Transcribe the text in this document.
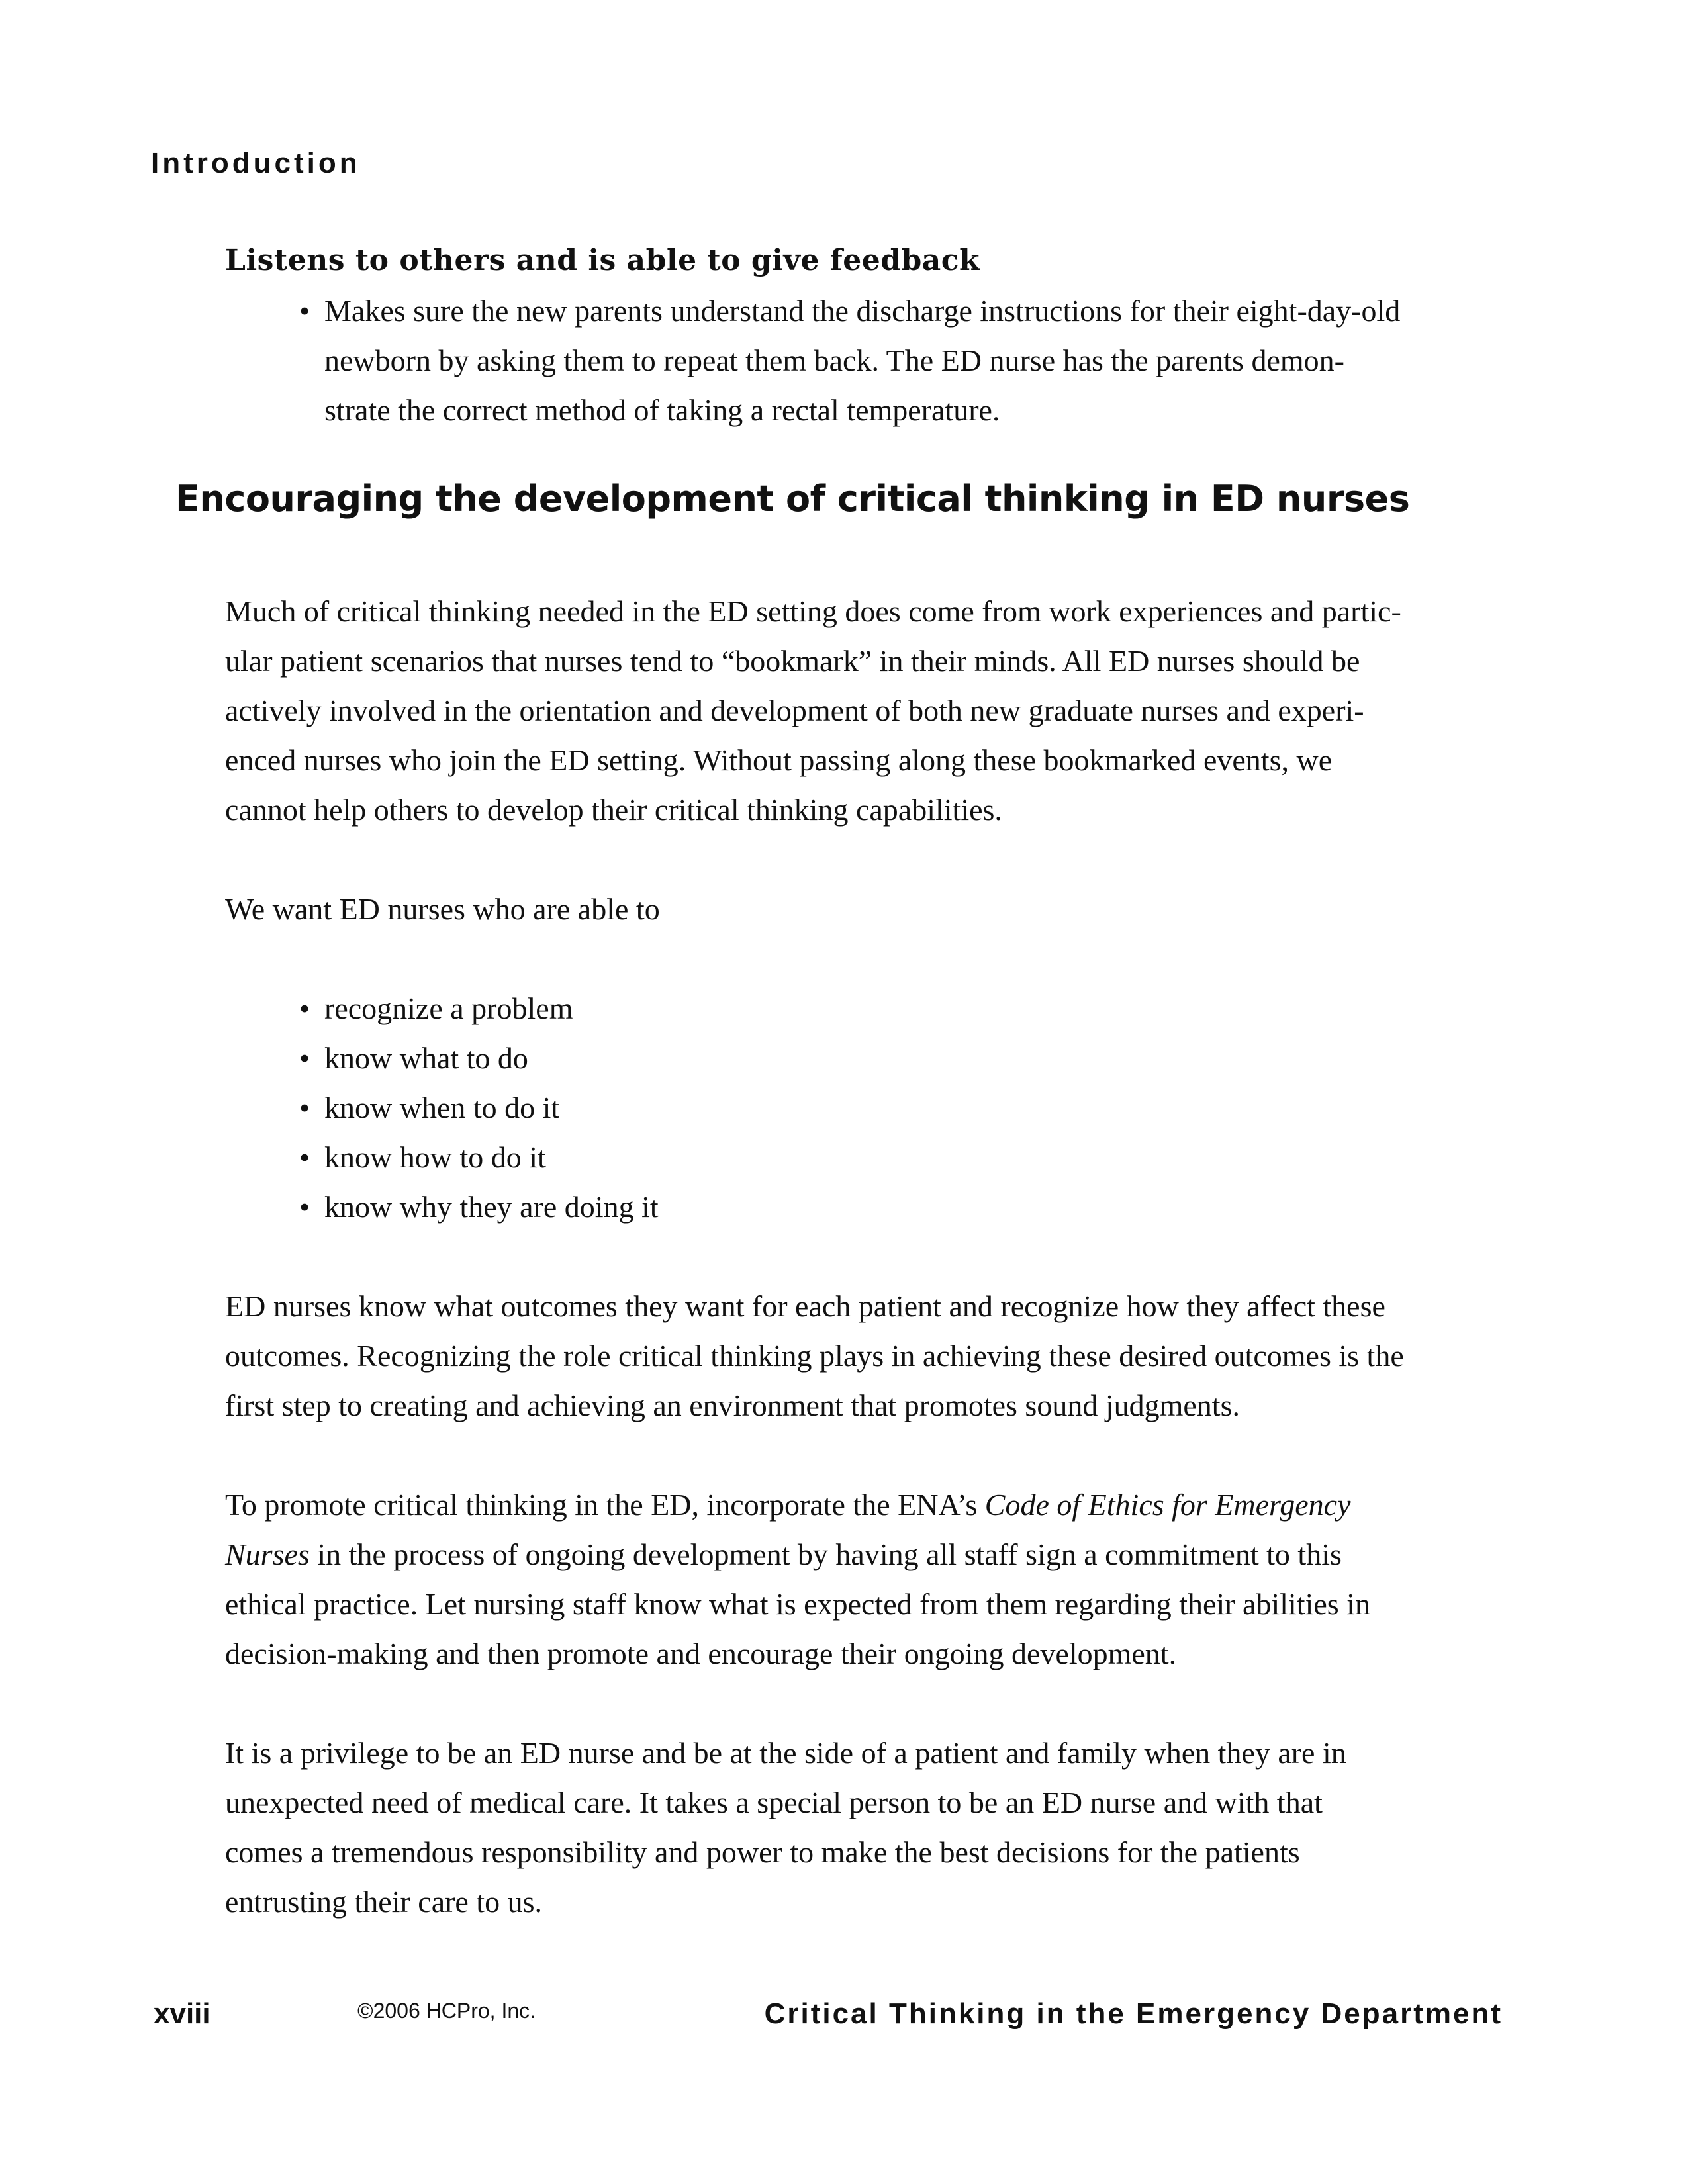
Introduction
Listens to others and is able to give feedback
• Makes sure the new parents understand the discharge instructions for their eight-day-old
newborn by asking them to repeat them back. The ED nurse has the parents demon-
strate the correct method of taking a rectal temperature.
Encouraging the development of critical thinking in ED nurses

Much of critical thinking needed in the ED setting does come from work experiences and partic-
ular patient scenarios that nurses tend to “bookmark” in their minds. All ED nurses should be
actively involved in the orientation and development of both new graduate nurses and experi-
enced nurses who join the ED setting. Without passing along these bookmarked events, we
cannot help others to develop their critical thinking capabilities.

We want ED nurses who are able to

• recognize a problem
• know what to do
• know when to do it
• know how to do it
• know why they are doing it

ED nurses know what outcomes they want for each patient and recognize how they affect these
outcomes. Recognizing the role critical thinking plays in achieving these desired outcomes is the
first step to creating and achieving an environment that promotes sound judgments.

To promote critical thinking in the ED, incorporate the ENA’s Code of Ethics for Emergency
Nurses in the process of ongoing development by having all staff sign a commitment to this
ethical practice. Let nursing staff know what is expected from them regarding their abilities in
decision-making and then promote and encourage their ongoing development.

It is a privilege to be an ED nurse and be at the side of a patient and family when they are in
unexpected need of medical care. It takes a special person to be an ED nurse and with that
comes a tremendous responsibility and power to make the best decisions for the patients
entrusting their care to us.

xviii	©2006 HCPro, Inc.	Critical Thinking in the Emergency Department
